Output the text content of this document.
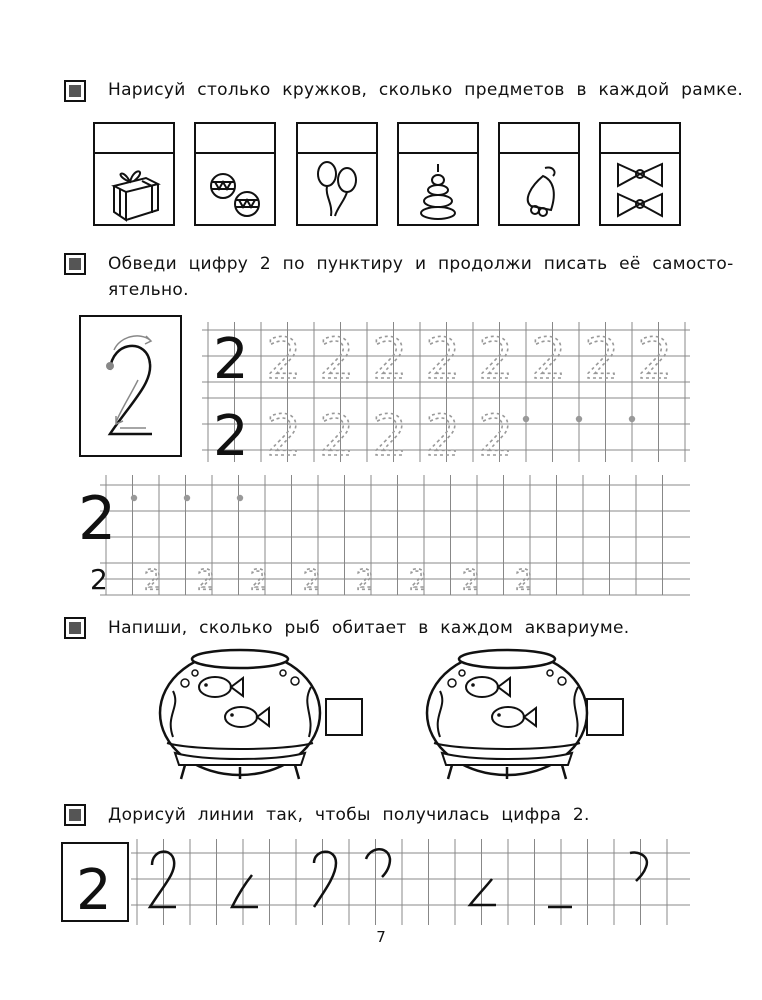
Нарисуй столько кружков, сколько предметов в каждой рамке.
Обведи цифру 2 по пунктиру и продолжи писать её самосто-
ятельно.
2 2 2 2 2 2 2 2 2
2 2 2 2 2 2
2
2 2 2 2 2 2 2 2 2
Напиши, сколько рыб обитает в каждом аквариуме.
Дорисуй линии так, чтобы получилась цифра 2.
2
7
